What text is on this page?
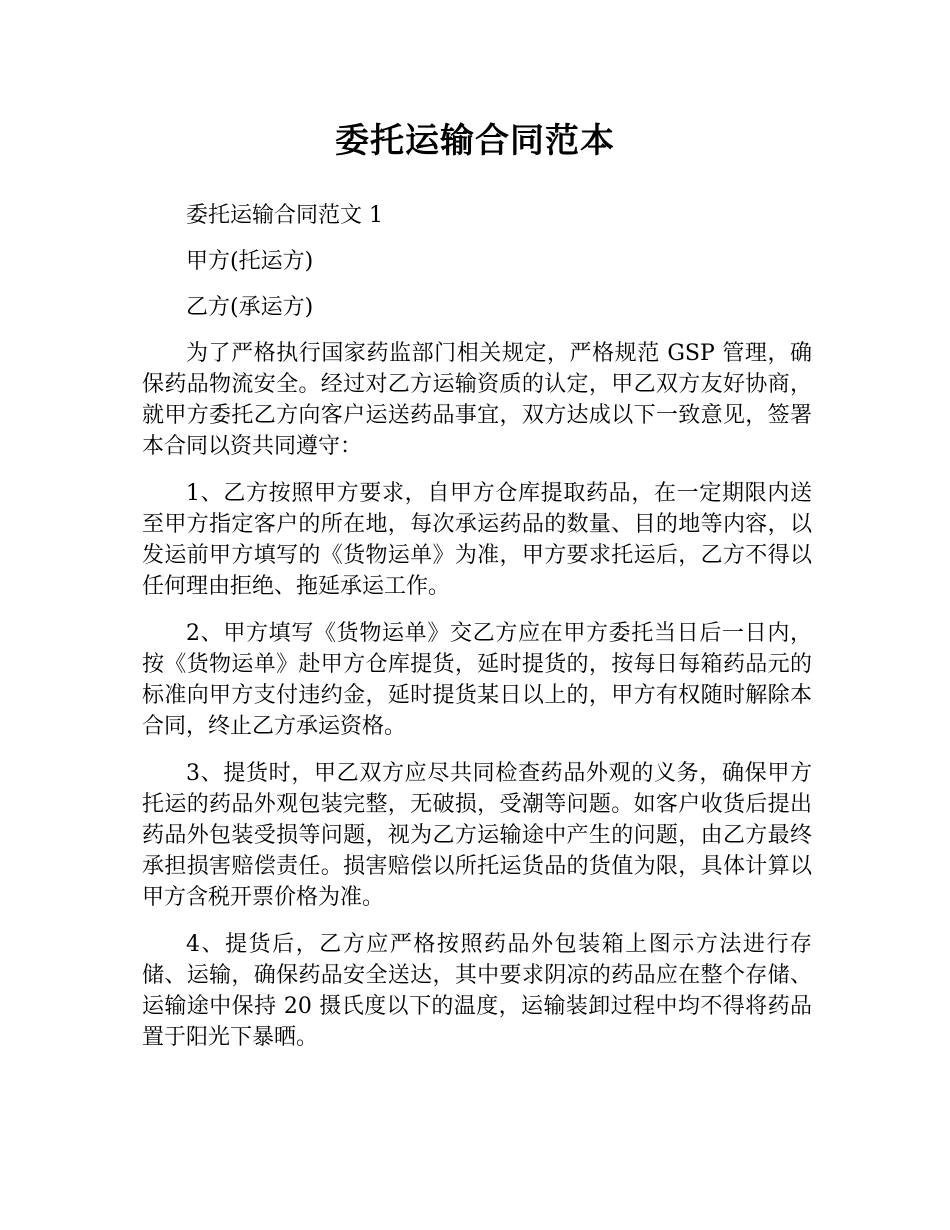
委托运输合同范本

委托运输合同范文 1

甲方(托运方)

乙方(承运方)

为了严格执行国家药监部门相关规定，严格规范 GSP 管理，确保药品物流安全。经过对乙方运输资质的认定，甲乙双方友好协商，就甲方委托乙方向客户运送药品事宜，双方达成以下一致意见，签署本合同以资共同遵守：

1、乙方按照甲方要求，自甲方仓库提取药品，在一定期限内送至甲方指定客户的所在地，每次承运药品的数量、目的地等内容，以发运前甲方填写的《货物运单》为准，甲方要求托运后，乙方不得以任何理由拒绝、拖延承运工作。

2、甲方填写《货物运单》交乙方应在甲方委托当日后一日内，按《货物运单》赴甲方仓库提货，延时提货的，按每日每箱药品元的标准向甲方支付违约金，延时提货某日以上的，甲方有权随时解除本合同，终止乙方承运资格。

3、提货时，甲乙双方应尽共同检查药品外观的义务，确保甲方托运的药品外观包装完整，无破损，受潮等问题。如客户收货后提出药品外包装受损等问题，视为乙方运输途中产生的问题，由乙方最终承担损害赔偿责任。损害赔偿以所托运货品的货值为限，具体计算以甲方含税开票价格为准。

4、提货后，乙方应严格按照药品外包装箱上图示方法进行存储、运输，确保药品安全送达，其中要求阴凉的药品应在整个存储、运输途中保持 20 摄氏度以下的温度，运输装卸过程中均不得将药品置于阳光下暴晒。
